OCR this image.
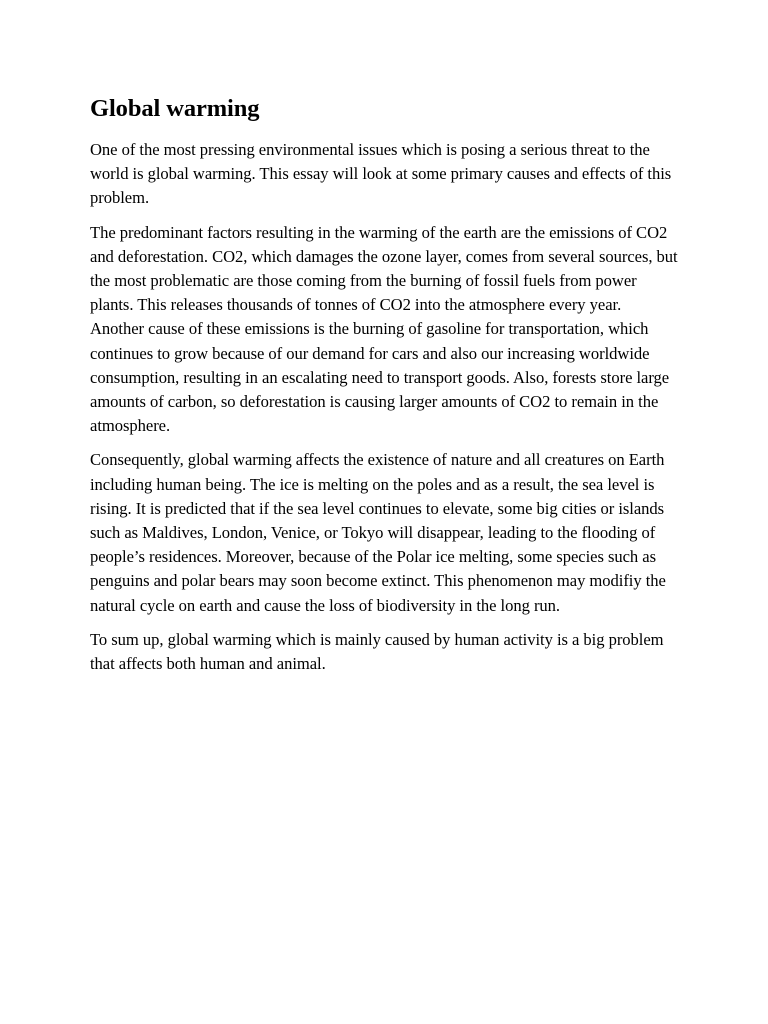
Global warming

One of the most pressing environmental issues which is posing a serious threat to the world is global warming. This essay will look at some primary causes and effects of this problem.

The predominant factors resulting in the warming of the earth are the emissions of CO2 and deforestation. CO2, which damages the ozone layer, comes from several sources, but the most problematic are those coming from the burning of fossil fuels from power plants. This releases thousands of tonnes of CO2 into the atmosphere every year. Another cause of these emissions is the burning of gasoline for transportation, which continues to grow because of our demand for cars and also our increasing worldwide consumption, resulting in an escalating need to transport goods. Also, forests store large amounts of carbon, so deforestation is causing larger amounts of CO2 to remain in the atmosphere.

Consequently, global warming affects the existence of nature and all creatures on Earth including human being. The ice is melting on the poles and as a result, the sea level is rising. It is predicted that if the sea level continues to elevate, some big cities or islands such as Maldives, London, Venice, or Tokyo will disappear, leading to the flooding of people’s residences. Moreover, because of the Polar ice melting, some species such as penguins and polar bears may soon become extinct. This phenomenon may modifiy the natural cycle on earth and cause the loss of biodiversity in the long run.

To sum up, global warming which is mainly caused by human activity is a big problem that affects both human and animal.
